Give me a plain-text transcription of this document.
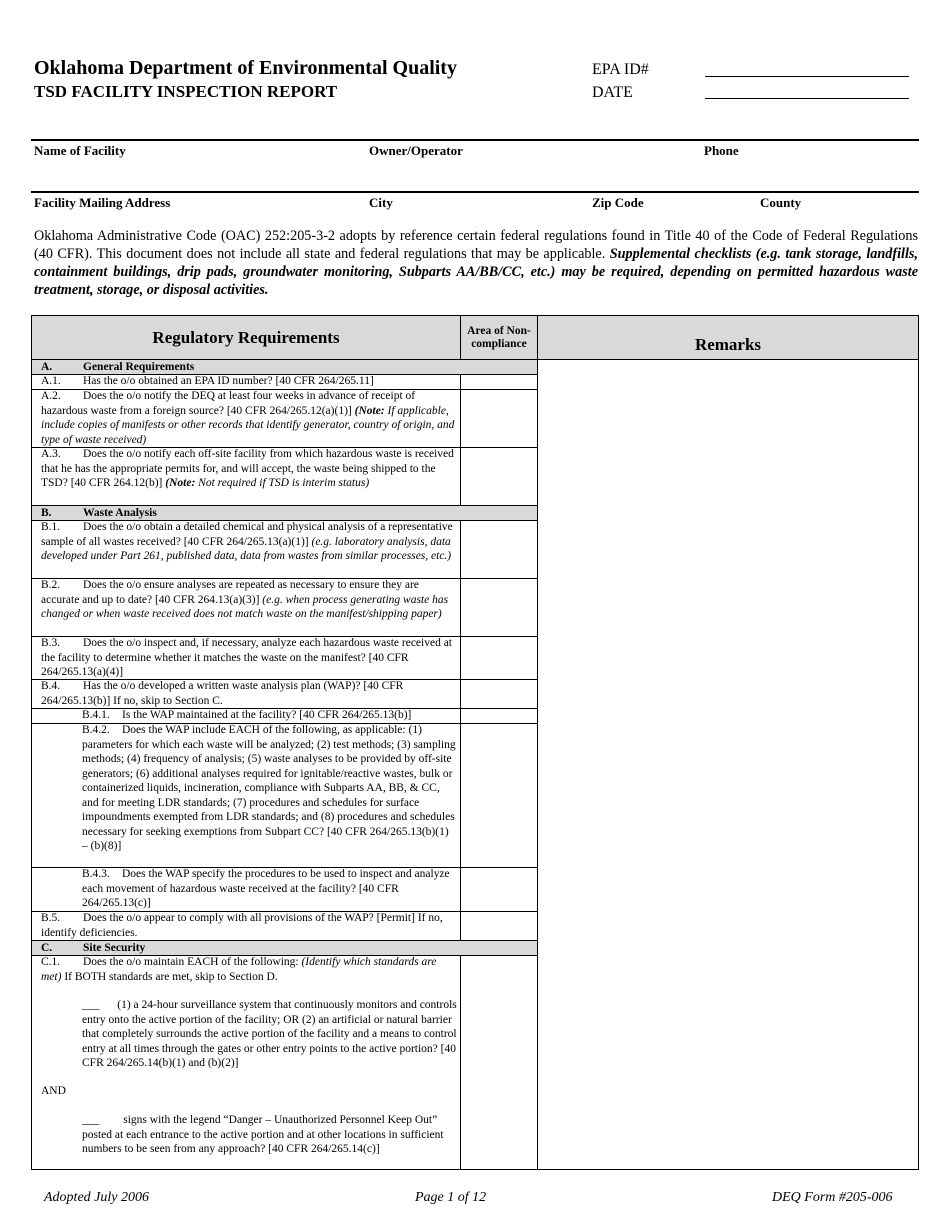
Oklahoma Department of Environmental Quality
TSD FACILITY INSPECTION REPORT
EPA ID#
DATE
Name of Facility	Owner/Operator	Phone
Facility Mailing Address	City	Zip Code	County
Oklahoma Administrative Code (OAC) 252:205-3-2 adopts by reference certain federal regulations found in Title 40 of the Code of Federal Regulations (40 CFR). This document does not include all state and federal regulations that may be applicable. Supplemental checklists (e.g. tank storage, landfills, containment buildings, drip pads, groundwater monitoring, Subparts AA/BB/CC, etc.) may be required, depending on permitted hazardous waste treatment, storage, or disposal activities.
Regulatory Requirements	Area of Non-compliance	Remarks
A.	General Requirements
A.1. Has the o/o obtained an EPA ID number? [40 CFR 264/265.11]
A.2. Does the o/o notify the DEQ at least four weeks in advance of receipt of hazardous waste from a foreign source? [40 CFR 264/265.12(a)(1)] (Note: If applicable, include copies of manifests or other records that identify generator, country of origin, and type of waste received)
A.3. Does the o/o notify each off-site facility from which hazardous waste is received that he has the appropriate permits for, and will accept, the waste being shipped to the TSD? [40 CFR 264.12(b)] (Note: Not required if TSD is interim status)
B.	Waste Analysis
B.1. Does the o/o obtain a detailed chemical and physical analysis of a representative sample of all wastes received? [40 CFR 264/265.13(a)(1)] (e.g. laboratory analysis, data developed under Part 261, published data, data from wastes from similar processes, etc.)
B.2. Does the o/o ensure analyses are repeated as necessary to ensure they are accurate and up to date? [40 CFR 264.13(a)(3)] (e.g. when process generating waste has changed or when waste received does not match waste on the manifest/shipping paper)
B.3. Does the o/o inspect and, if necessary, analyze each hazardous waste received at the facility to determine whether it matches the waste on the manifest? [40 CFR 264/265.13(a)(4)]
B.4. Has the o/o developed a written waste analysis plan (WAP)? [40 CFR 264/265.13(b)] If no, skip to Section C.
B.4.1. Is the WAP maintained at the facility? [40 CFR 264/265.13(b)]
B.4.2. Does the WAP include EACH of the following, as applicable: (1) parameters for which each waste will be analyzed; (2) test methods; (3) sampling methods; (4) frequency of analysis; (5) waste analyses to be provided by off-site generators; (6) additional analyses required for ignitable/reactive wastes, bulk or containerized liquids, incineration, compliance with Subparts AA, BB, & CC, and for meeting LDR standards; (7) procedures and schedules for surface impoundments exempted from LDR standards; and (8) procedures and schedules necessary for seeking exemptions from Subpart CC? [40 CFR 264/265.13(b)(1) – (b)(8)]
B.4.3. Does the WAP specify the procedures to be used to inspect and analyze each movement of hazardous waste received at the facility? [40 CFR 264/265.13(c)]
B.5. Does the o/o appear to comply with all provisions of the WAP? [Permit] If no, identify deficiencies.
C.	Site Security
C.1. Does the o/o maintain EACH of the following: (Identify which standards are met) If BOTH standards are met, skip to Section D.
___ (1) a 24-hour surveillance system that continuously monitors and controls entry onto the active portion of the facility; OR (2) an artificial or natural barrier that completely surrounds the active portion of the facility and a means to control entry at all times through the gates or other entry points to the active portion? [40 CFR 264/265.14(b)(1) and (b)(2)]
AND
___ signs with the legend “Danger – Unauthorized Personnel Keep Out” posted at each entrance to the active portion and at other locations in sufficient numbers to be seen from any approach? [40 CFR 264/265.14(c)]
Adopted July 2006	Page 1 of 12	DEQ Form #205-006
